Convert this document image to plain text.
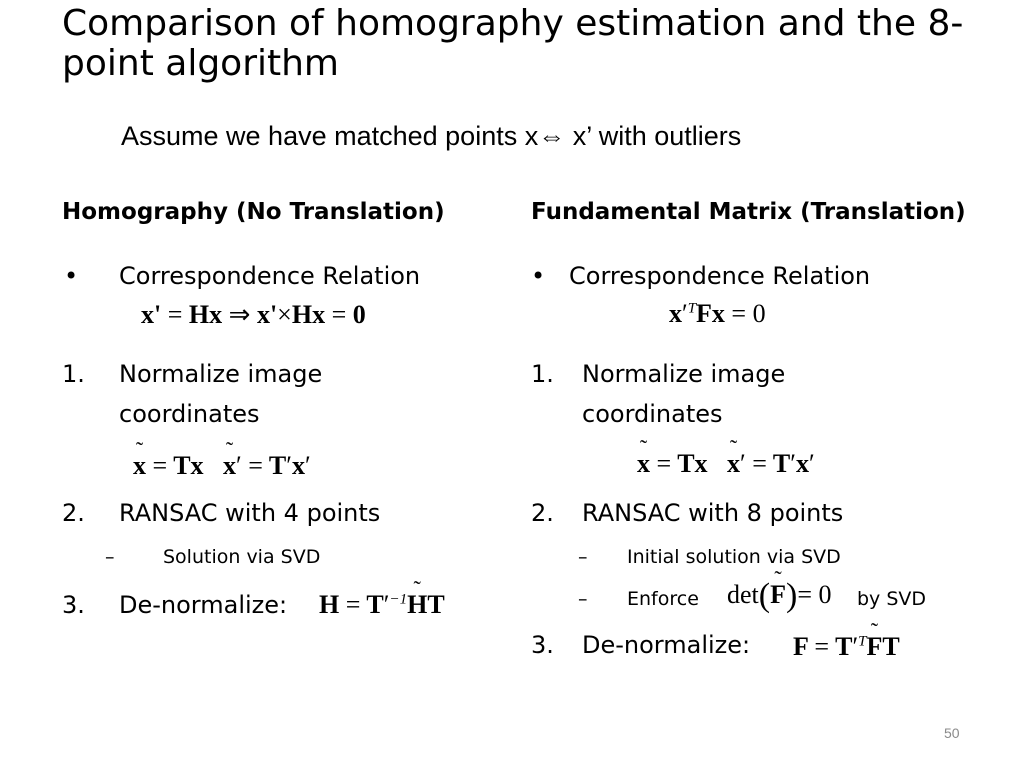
Comparison of homography estimation and the 8-point algorithm
Assume we have matched points x⇔ x’ with outliers
Homography (No Translation)
• Correspondence Relation
x' = Hx ⇒ x'×Hx = 0
1. Normalize image
coordinates
˜ x = Tx ˜ x′ = T′x′
2. RANSAC with 4 points
–	Solution via SVD
3. De-normalize: $H = T'^{-1}˜$ HT
Fundamental Matrix (Translation)
• Correspondence Relation
$x'^TFx = 0$
1. Normalize image
coordinates
˜ x = Tx ˜ x′ = T′x′
2. RANSAC with 8 points
– Initial solution via SVD
– Enforce det(˜ F)= 0 by SVD
3. De-normalize: $F = T'^T˜$ FT
50
